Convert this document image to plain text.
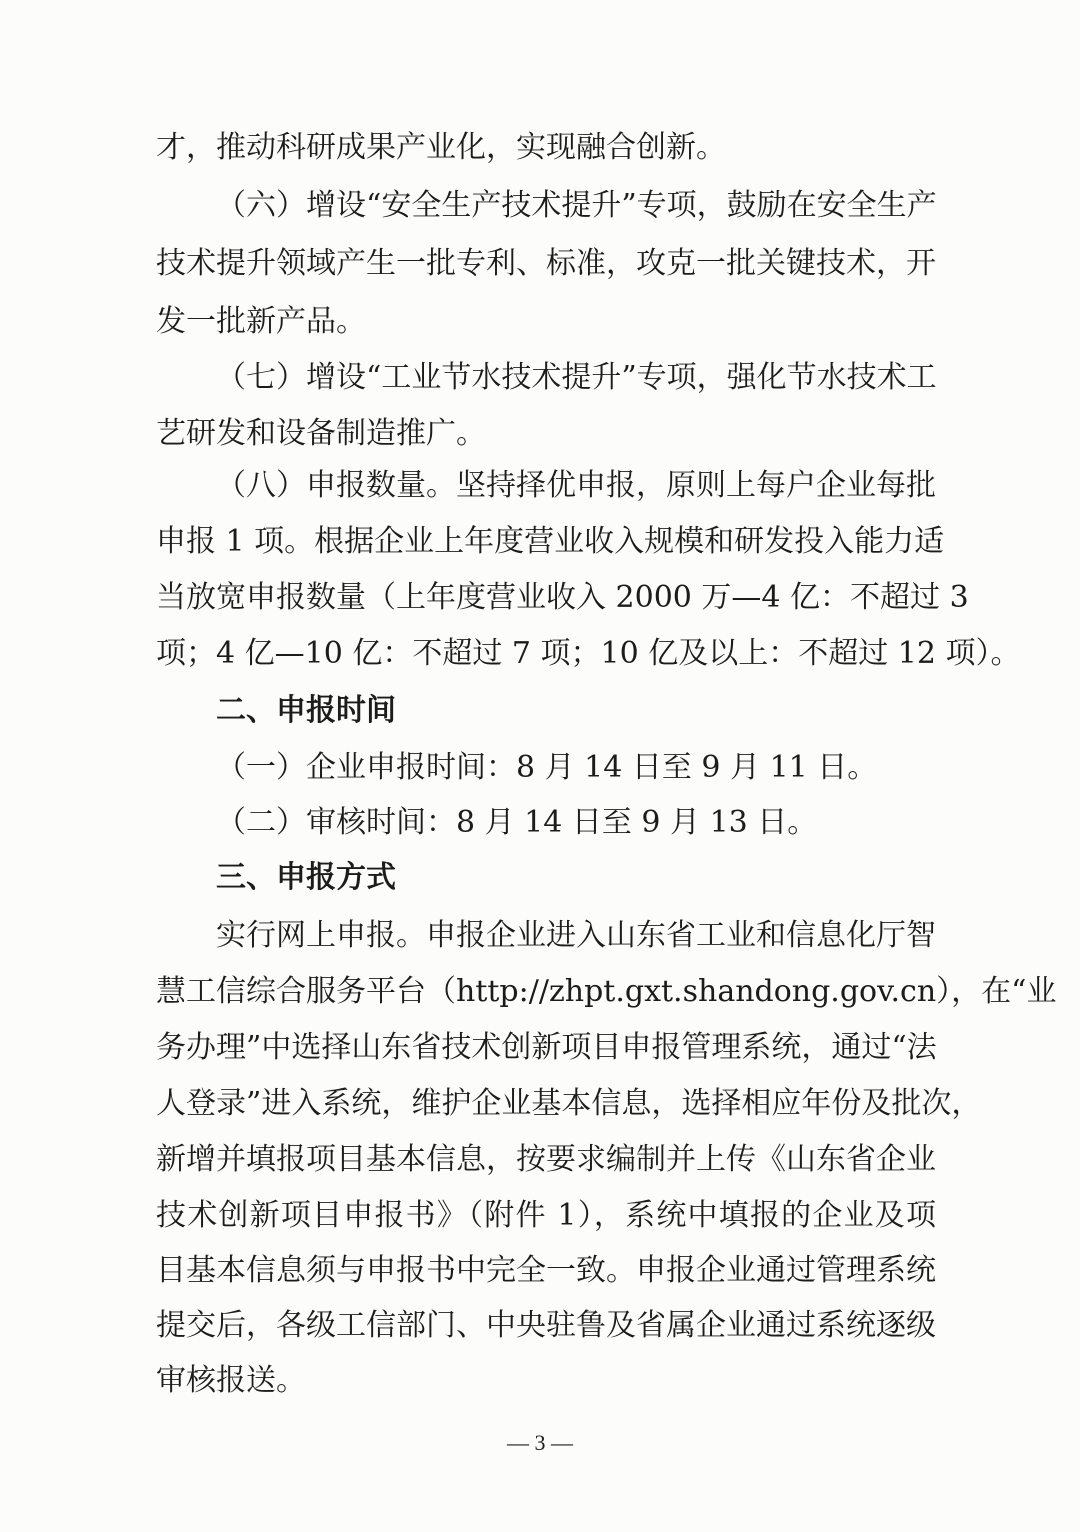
才，推动科研成果产业化，实现融合创新。
（六）增设“安全生产技术提升”专项，鼓励在安全生产
技术提升领域产生一批专利、标准，攻克一批关键技术，开
发一批新产品。
（七）增设“工业节水技术提升”专项，强化节水技术工
艺研发和设备制造推广。
（八）申报数量。坚持择优申报，原则上每户企业每批
申报 1 项。根据企业上年度营业收入规模和研发投入能力适
当放宽申报数量（上年度营业收入 2000 万—4 亿：不超过 3
项；4 亿—10 亿：不超过 7 项；10 亿及以上：不超过 12 项）。
二、申报时间
（一）企业申报时间：8 月 14 日至 9 月 11 日。
（二）审核时间：8 月 14 日至 9 月 13 日。
三、申报方式
实行网上申报。申报企业进入山东省工业和信息化厅智
慧工信综合服务平台（http://zhpt.gxt.shandong.gov.cn），在“业
务办理”中选择山东省技术创新项目申报管理系统，通过“法
人登录”进入系统，维护企业基本信息，选择相应年份及批次，
新增并填报项目基本信息，按要求编制并上传《山东省企业
技术创新项目申报书》（附件 1），系统中填报的企业及项
目基本信息须与申报书中完全一致。申报企业通过管理系统
提交后，各级工信部门、中央驻鲁及省属企业通过系统逐级
审核报送。
— 3 —
